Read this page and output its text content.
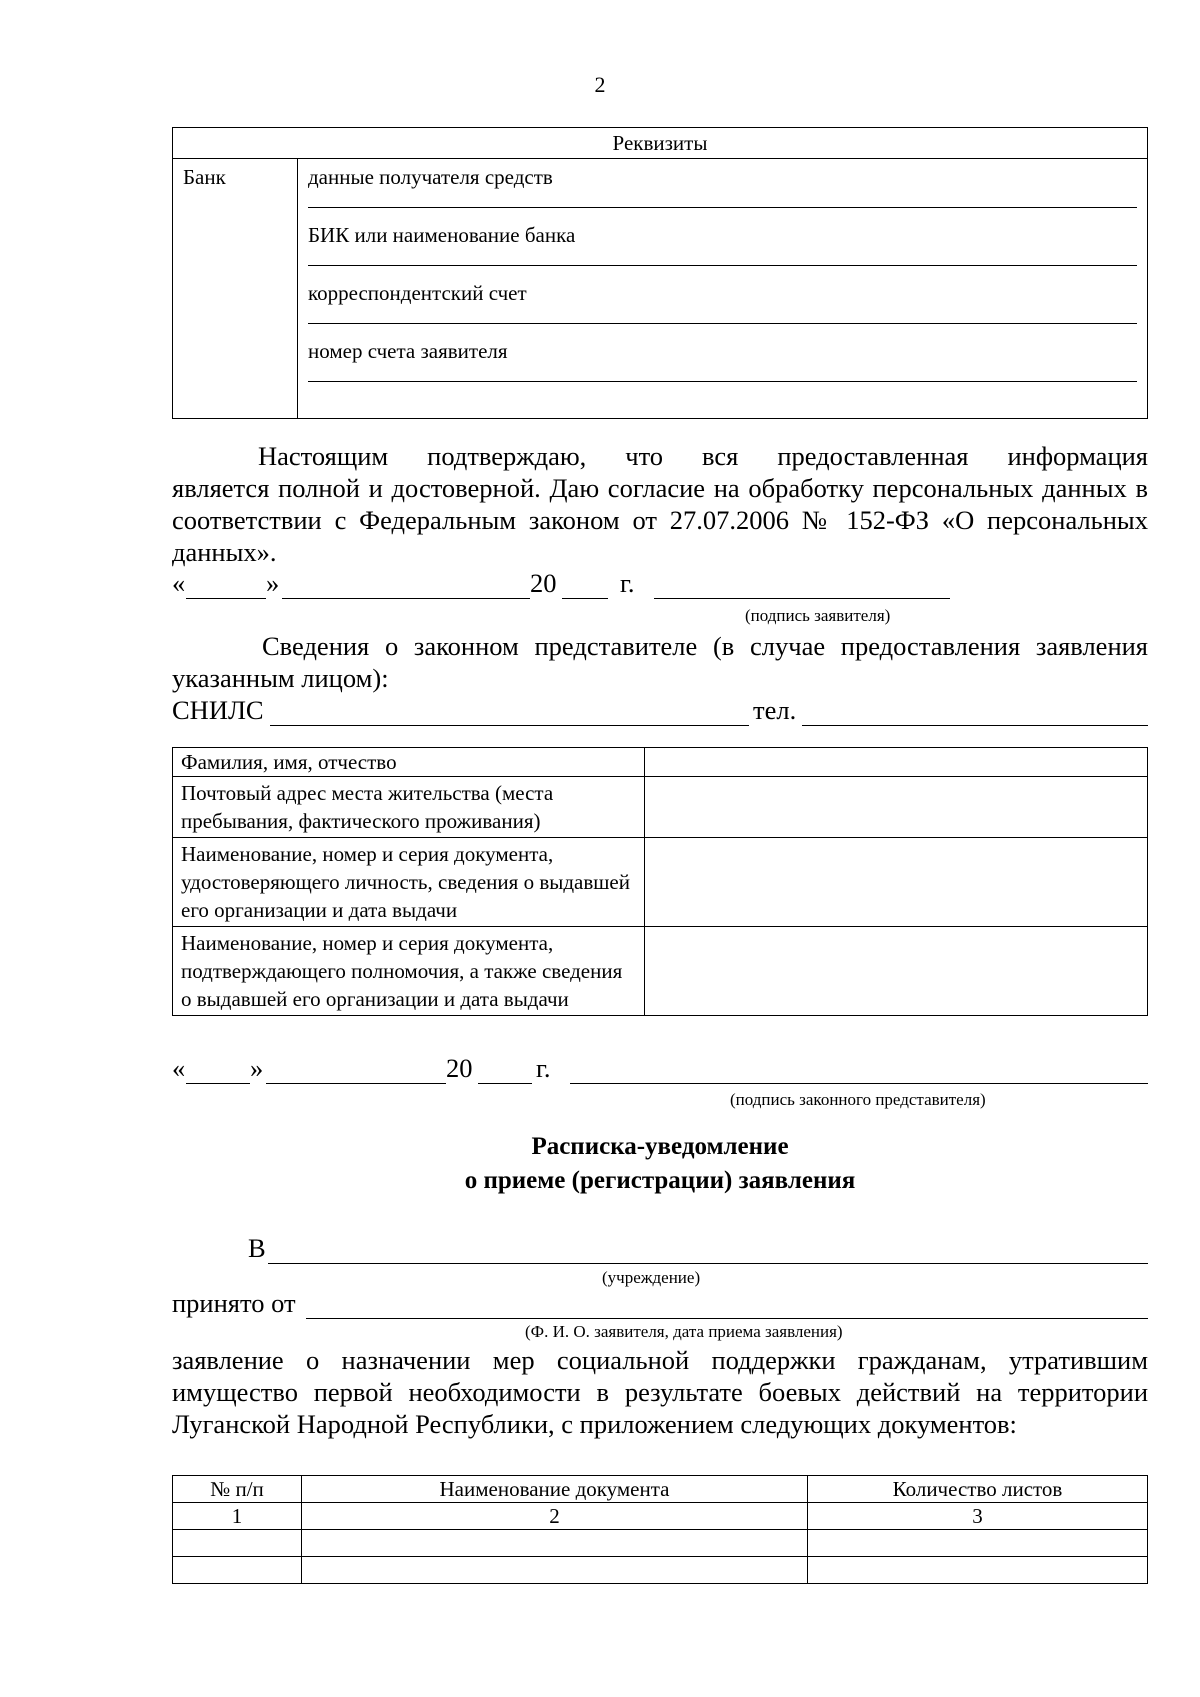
2
Реквизиты
Банк	данные получателя средств
БИК или наименование банка
корреспондентский счет
номер счета заявителя
Настоящим подтверждаю, что вся предоставленная информация
является полной и достоверной. Даю согласие на обработку персональных данных в соответствии с Федеральным законом от 27.07.2006 № 152-ФЗ «О персональных данных».
«	»	20 г.
(подпись заявителя)
Сведения о законном представителе (в случае предоставления заявления
указанным лицом):
СНИЛС	тел.
Фамилия, имя, отчество	
Почтовый адрес места жительства (места пребывания, фактического проживания)	
Наименование, номер и серия документа, удостоверяющего личность, сведения о выдавшей его организации и дата выдачи	
Наименование, номер и серия документа, подтверждающего полномочия, а также сведения о выдавшей его организации и дата выдачи	
« »	20 г.
(подпись законного представителя)
Расписка-уведомление
о приеме (регистрации) заявления
В
(учреждение)
принято от
(Ф. И. О. заявителя, дата приема заявления)
заявление о назначении мер социальной поддержки гражданам, утратившим имущество первой необходимости в результате боевых действий на территории Луганской Народной Республики, с приложением следующих документов:
№ п/п	Наименование документа	Количество листов
1	2	3
